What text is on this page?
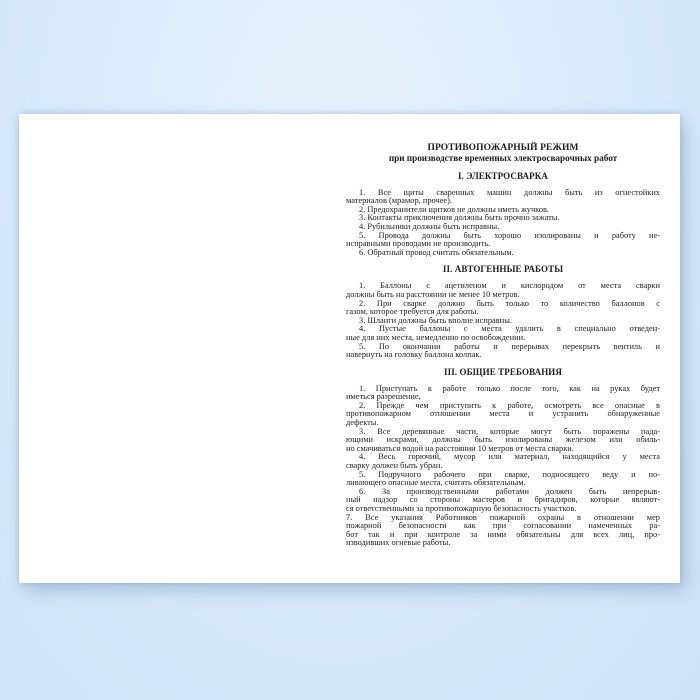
ПРОТИВОПОЖАРНЫЙ РЕЖИМ
при производстве временных электросварочных работ
I. ЭЛЕКТРОСВАРКА
1. Все щиты сваренных машин должны быть из огнестойких
материалов (мрамор, прочее).
2. Предохранители щитков не должны иметь жучков.
3. Контакты приключения должны быть прочно зажаты.
4. Рубильники должны быть исправны.
5. Провода должны быть хорошо изолированы и работу не-
исправными проводами не производить.
6. Обратный провод считать обязательным.
II. АВТОГЕННЫЕ РАБОТЫ
1. Баллоны с ацетиленом и кислородом от места сварки
должны быть на расстоянии не менее 10 метров.
2. При сварке должно быть только то количество баллонов с
газом, которое требуется для работы.
3. Шланги должны быть вполне исправны.
4. Пустые баллоны с места удалить в специально отведен-
ные для них места, немедленно по освобождении.
5. По окончании работы и перерывах перекрыть вентиль и
навернуть на головку баллона колпак.
III. ОБЩИЕ ТРЕБОВАНИЯ
1. Приступать к работе только после того, как на руках будет
иметься разрешение,
2. Прежде чем приступить к работе, осмотреть все опасные в
противопожарном отношении места и устранить обнаруженные
дефекты.
3. Все деревянные части, которые могут быть поражены пада-
ющими искрами, должны быть изолированы железом или обиль-
но смачиваться водой на расстоянии 10 метров от места сварки.
4. Весь горючий, мусор или материал, находящийся у места
сварку должен быть убран.
5. Подручного рабочего при сварке, подносящего веду и по-
ливающего опасные места, считать обязательным.
6. За производственными работами должен быть непрерыв-
ный надзор со стороны мастеров и бригадиров, которые являют-
ся ответственными за противопожарную безопасность участков.
7. Все указания Работников пожарной охраны в отношении мер
пожарной безопасности как при согласовании намеченных ра-
бот так и при контроле за ними обязательны для всех лиц, про-
изводивших огневые работы.
